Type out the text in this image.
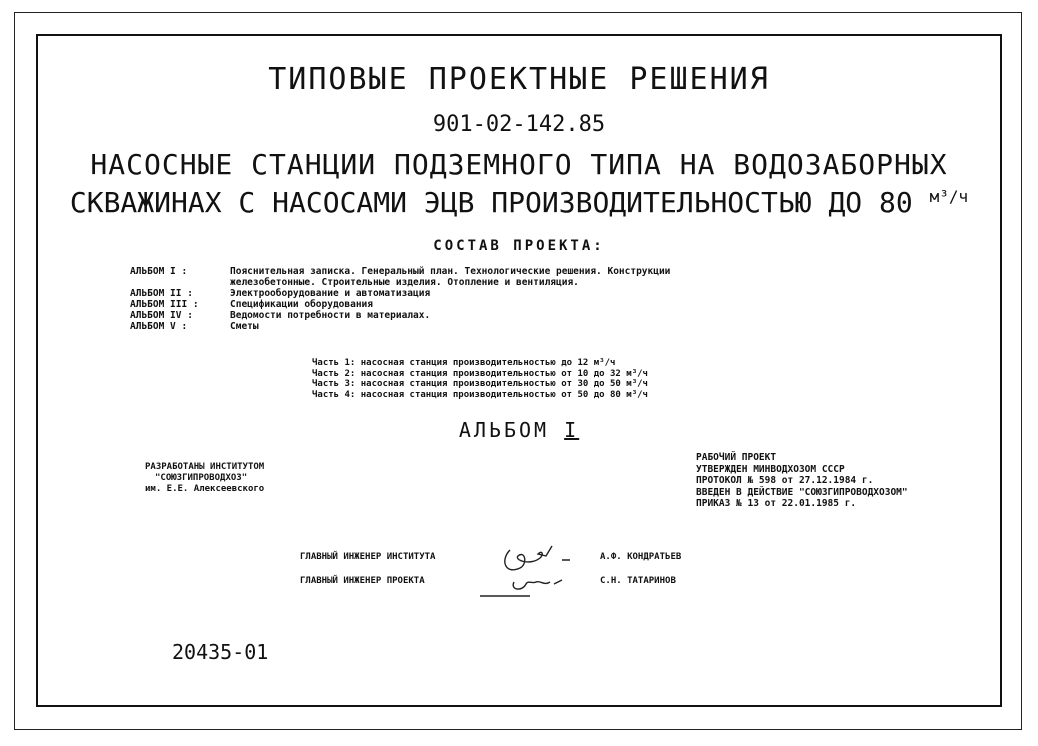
ТИПОВЫЕ ПРОЕКТНЫЕ РЕШЕНИЯ
901-02-142.85
НАСОСНЫЕ СТАНЦИИ ПОДЗЕМНОГО ТИПА НА ВОДОЗАБОРНЫХ
СКВАЖИНАХ С НАСОСАМИ ЭЦВ ПРОИЗВОДИТЕЛЬНОСТЬЮ ДО 80 $^{м^3/ч}$
СОСТАВ ПРОЕКТА:
АЛЬБОМ I :	Пояснительная записка. Генеральный план. Технологические решения. Конструкции
железобетонные. Строительные изделия. Отопление и вентиляция.
АЛЬБОМ II :	Электрооборудование и автоматизация
АЛЬБОМ III :	Спецификации оборудования
АЛЬБОМ IV :	Ведомости потребности в материалах.
АЛЬБОМ V :	Сметы
Часть 1: насосная станция производительностью до 12 м³/ч
Часть 2: насосная станция производительностью от 10 до 32 м³/ч
Часть 3: насосная станция производительностью от 30 до 50 м³/ч
Часть 4: насосная станция производительностью от 50 до 80 м³/ч
АЛЬБОМ I
РАЗРАБОТАНЫ ИНСТИТУТОМ
"СОЮЗГИПРОВОДХОЗ"
им. Е.Е. Алексеевского
РАБОЧИЙ ПРОЕКТ
УТВЕРЖДЕН МИНВОДХОЗОМ СССР
ПРОТОКОЛ № 598 от 27.12.1984 г.
ВВЕДЕН В ДЕЙСТВИЕ "СОЮЗГИПРОВОДХОЗОМ"
ПРИКАЗ № 13 от 22.01.1985 г.
ГЛАВНЫЙ ИНЖЕНЕР ИНСТИТУТА	А.Ф. КОНДРАТЬЕВ
ГЛАВНЫЙ ИНЖЕНЕР ПРОЕКТА	С.Н. ТАТАРИНОВ
20435-01
